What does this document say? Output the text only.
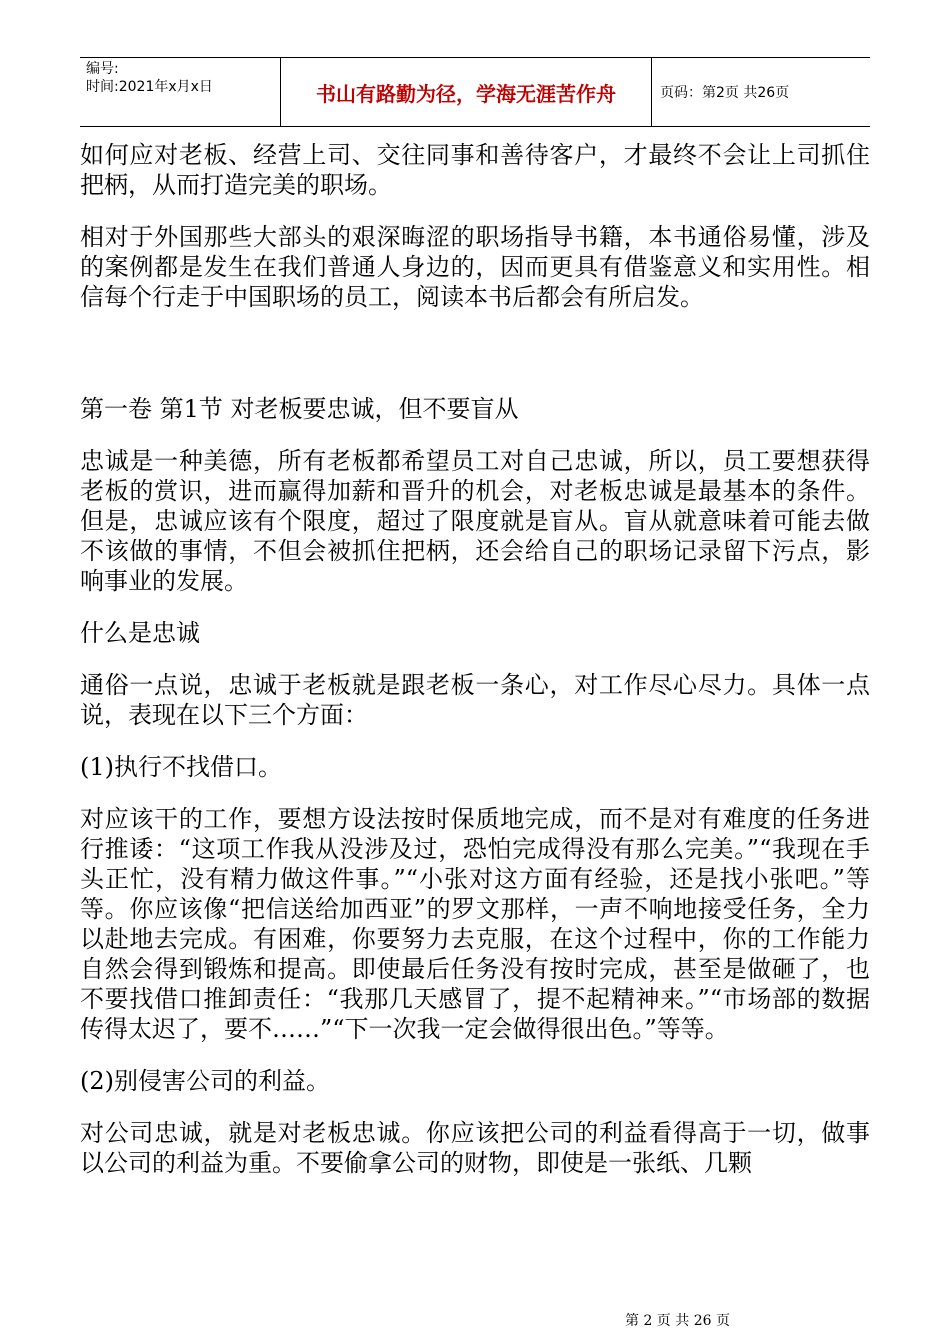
编号:
时间:2021年x月x日	书山有路勤为径，学海无涯苦作舟	页码：第2页 共26页

如何应对老板、经营上司、交往同事和善待客户，才最终不会让上司抓住把柄，从而打造完美的职场。

相对于外国那些大部头的艰深晦涩的职场指导书籍，本书通俗易懂，涉及的案例都是发生在我们普通人身边的，因而更具有借鉴意义和实用性。相信每个行走于中国职场的员工，阅读本书后都会有所启发。

第一卷 第1节 对老板要忠诚，但不要盲从

忠诚是一种美德，所有老板都希望员工对自己忠诚，所以，员工要想获得老板的赏识，进而赢得加薪和晋升的机会，对老板忠诚是最基本的条件。但是，忠诚应该有个限度，超过了限度就是盲从。盲从就意味着可能去做不该做的事情，不但会被抓住把柄，还会给自己的职场记录留下污点，影响事业的发展。

什么是忠诚

通俗一点说，忠诚于老板就是跟老板一条心，对工作尽心尽力。具体一点说，表现在以下三个方面：

(1)执行不找借口。

对应该干的工作，要想方设法按时保质地完成，而不是对有难度的任务进行推诿：“这项工作我从没涉及过，恐怕完成得没有那么完美。”“我现在手头正忙，没有精力做这件事。”“小张对这方面有经验，还是找小张吧。”等等。你应该像“把信送给加西亚”的罗文那样，一声不响地接受任务，全力以赴地去完成。有困难，你要努力去克服，在这个过程中，你的工作能力自然会得到锻炼和提高。即使最后任务没有按时完成，甚至是做砸了，也不要找借口推卸责任：“我那几天感冒了，提不起精神来。”“市场部的数据传得太迟了，要不……”“下一次我一定会做得很出色。”等等。

(2)别侵害公司的利益。

对公司忠诚，就是对老板忠诚。你应该把公司的利益看得高于一切，做事以公司的利益为重。不要偷拿公司的财物，即使是一张纸、几颗

第 2 页 共 26 页
